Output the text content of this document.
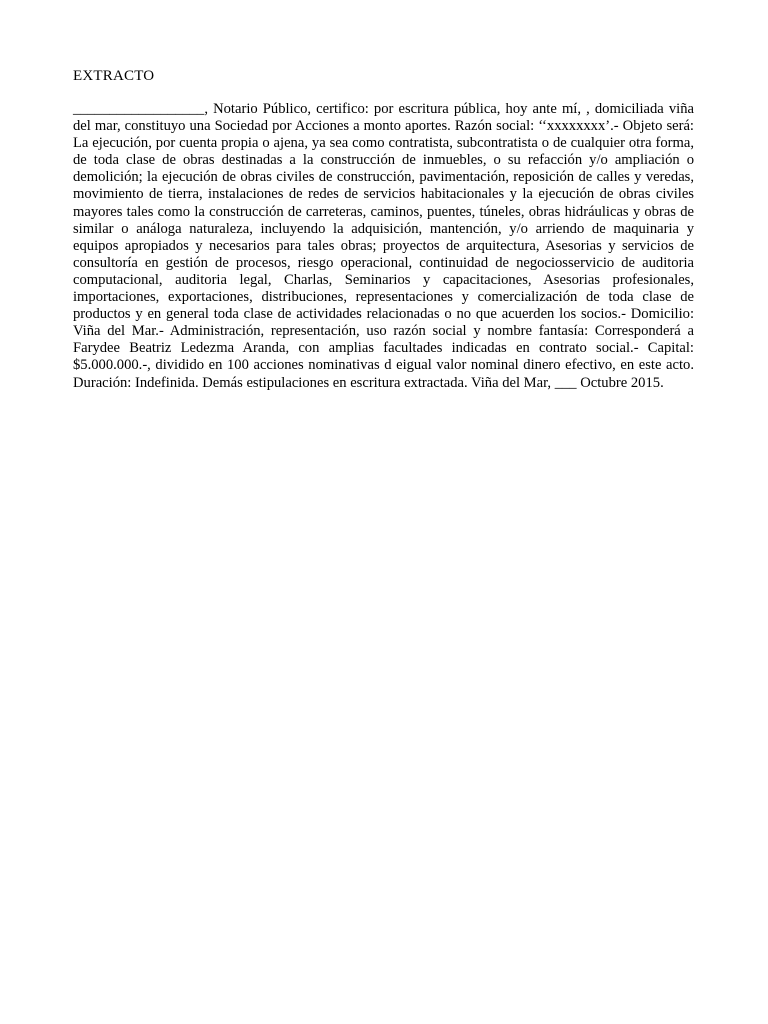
EXTRACTO

__________________, Notario Público, certifico: por escritura pública, hoy ante mí, , domiciliada viña del mar, constituyo una Sociedad por Acciones a monto aportes. Razón social: ‘‘xxxxxxxx’.- Objeto será: La ejecución, por cuenta propia o ajena, ya sea como contratista, subcontratista o de cualquier otra forma, de toda clase de obras destinadas a la construcción de inmuebles, o su refacción y/o ampliación o demolición; la ejecución de obras civiles de construcción, pavimentación, reposición de calles y veredas, movimiento de tierra, instalaciones de redes de servicios habitacionales y la ejecución de obras civiles mayores tales como la construcción de carreteras, caminos, puentes, túneles, obras hidráulicas y obras de similar o análoga naturaleza, incluyendo la adquisición, mantención, y/o arriendo de maquinaria y equipos apropiados y necesarios para tales obras; proyectos de arquitectura, Asesorias y servicios de consultoría en gestión de procesos, riesgo operacional, continuidad de negociosservicio de auditoria computacional, auditoria legal, Charlas, Seminarios y capacitaciones, Asesorias profesionales, importaciones, exportaciones, distribuciones, representaciones y comercialización de toda clase de productos y en general toda clase de actividades relacionadas o no que acuerden los socios.- Domicilio: Viña del Mar.- Administración, representación, uso razón social y nombre fantasía: Corresponderá a Farydee Beatriz Ledezma Aranda, con amplias facultades indicadas en contrato social.- Capital: $5.000.000.-, dividido en 100 acciones nominativas d eigual valor nominal dinero efectivo, en este acto. Duración: Indefinida. Demás estipulaciones en escritura extractada. Viña del Mar, ___ Octubre 2015.
